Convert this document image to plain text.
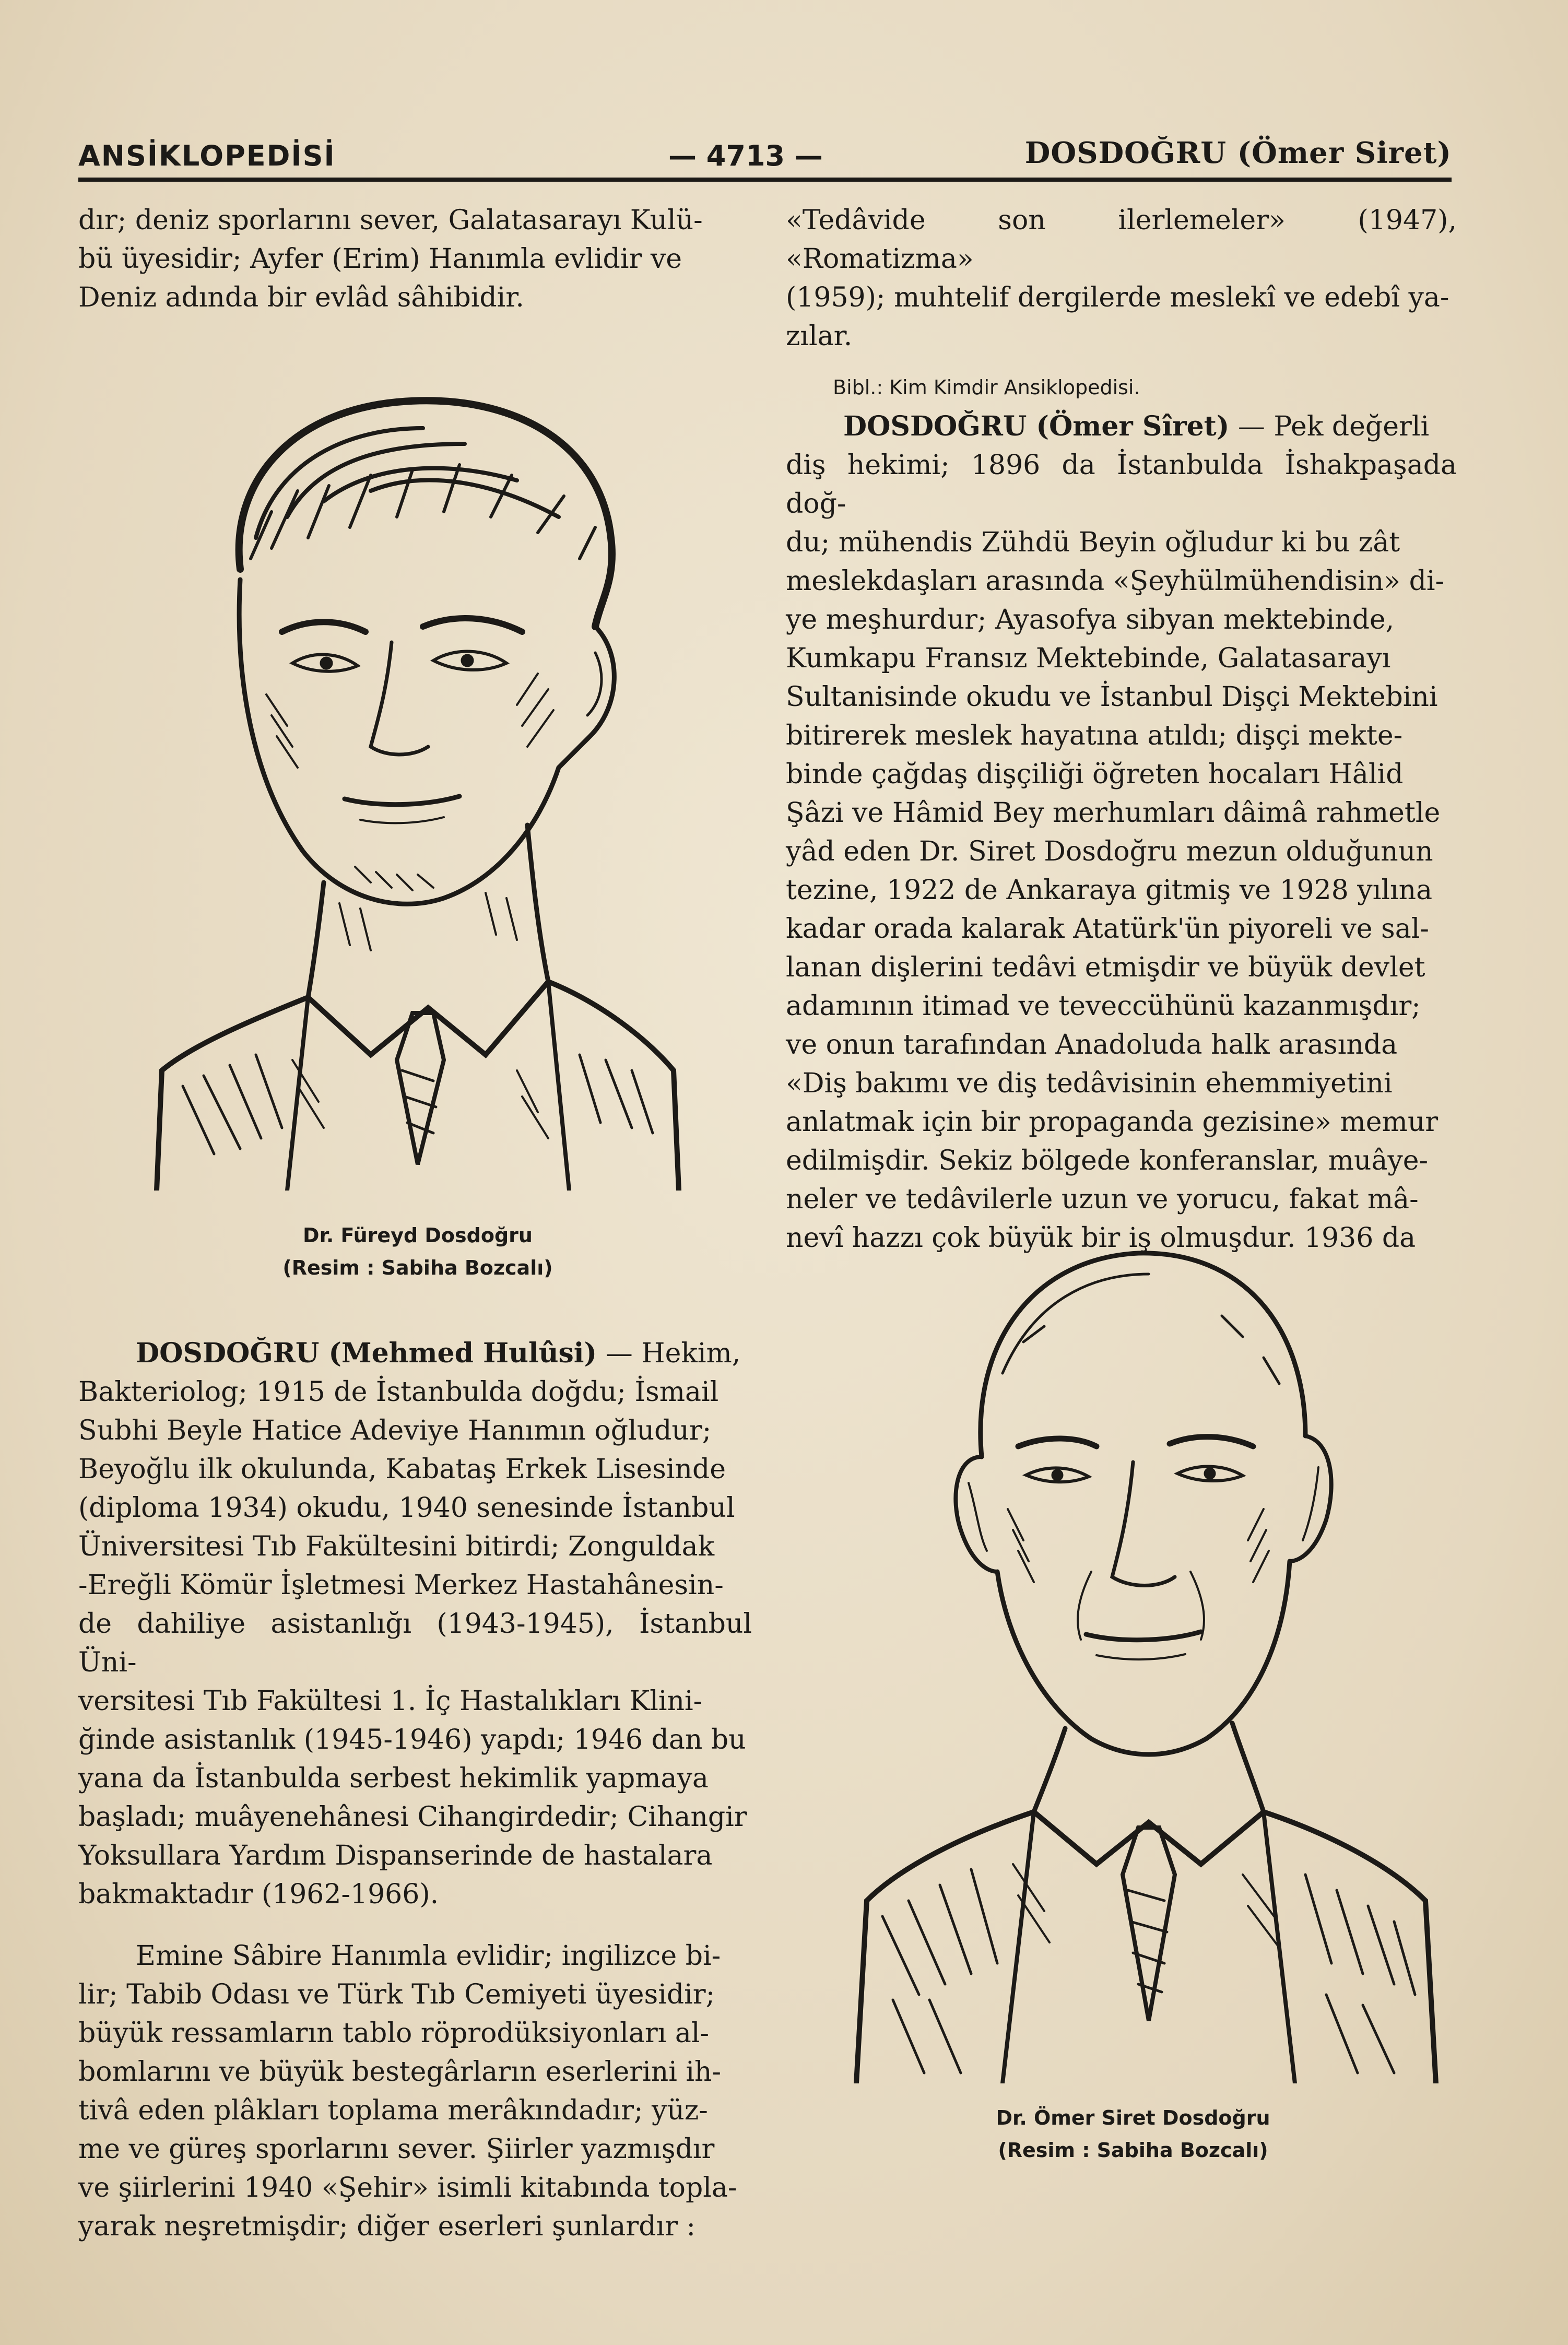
ANSİKLOPEDİSİ	— 4713 —	DOSDOĞRU (Ömer Siret)

dır; deniz sporlarını sever, Galatasarayı Kulü-

bü üyesidir; Ayfer (Erim) Hanımla evlidir ve

Deniz adında bir evlâd sâhibidir.

Dr. Füreyd Dosdoğru
(Resim : Sabiha Bozcalı)

DOSDOĞRU (Mehmed Hulûsi) — Hekim,

Bakteriolog; 1915 de İstanbulda doğdu; İsmail

Subhi Beyle Hatice Adeviye Hanımın oğludur;

Beyoğlu ilk okulunda, Kabataş Erkek Lisesinde

(diploma 1934) okudu, 1940 senesinde İstanbul

Üniversitesi Tıb Fakültesini bitirdi; Zonguldak

-Ereğli Kömür İşletmesi Merkez Hastahânesin-

de dahiliye asistanlığı (1943-1945), İstanbul Üni-

versitesi Tıb Fakültesi 1. İç Hastalıkları Klini-

ğinde asistanlık (1945-1946) yapdı; 1946 dan bu

yana da İstanbulda serbest hekimlik yapmaya

başladı; muâyenehânesi Cihangirdedir; Cihangir

Yoksullara Yardım Dispanserinde de hastalara

bakmaktadır (1962-1966).

Emine Sâbire Hanımla evlidir; ingilizce bi-

lir; Tabib Odası ve Türk Tıb Cemiyeti üyesidir;

büyük ressamların tablo röprodüksiyonları al-

bomlarını ve büyük bestegârların eserlerini ih-

tivâ eden plâkları toplama merâkındadır; yüz-

me ve güreş sporlarını sever. Şiirler yazmışdır

ve şiirlerini 1940 «Şehir» isimli kitabında topla-

yarak neşretmişdir; diğer eserleri şunlardır :

«Tedâvide son ilerlemeler» (1947), «Romatizma»

(1959); muhtelif dergilerde meslekî ve edebî ya-

zılar.

Bibl.: Kim Kimdir Ansiklopedisi.

DOSDOĞRU (Ömer Sîret) — Pek değerli

diş hekimi; 1896 da İstanbulda İshakpaşada doğ-

du; mühendis Zühdü Beyin oğludur ki bu zât

meslekdaşları arasında «Şeyhülmühendisin» di-

ye meşhurdur; Ayasofya sibyan mektebinde,

Kumkapu Fransız Mektebinde, Galatasarayı

Sultanisinde okudu ve İstanbul Dişçi Mektebini

bitirerek meslek hayatına atıldı; dişçi mekte-

binde çağdaş dişçiliği öğreten hocaları Hâlid

Şâzi ve Hâmid Bey merhumları dâimâ rahmetle

yâd eden Dr. Siret Dosdoğru mezun olduğunun

tezine, 1922 de Ankaraya gitmiş ve 1928 yılına

kadar orada kalarak Atatürk'ün piyoreli ve sal-

lanan dişlerini tedâvi etmişdir ve büyük devlet

adamının itimad ve teveccühünü kazanmışdır;

ve onun tarafından Anadoluda halk arasında

«Diş bakımı ve diş tedâvisinin ehemmiyetini

anlatmak için bir propaganda gezisine» memur

edilmişdir. Sekiz bölgede konferanslar, muâye-

neler ve tedâvilerle uzun ve yorucu, fakat mâ-

nevî hazzı çok büyük bir iş olmuşdur. 1936 da

Dr. Ömer Siret Dosdoğru
(Resim : Sabiha Bozcalı)
